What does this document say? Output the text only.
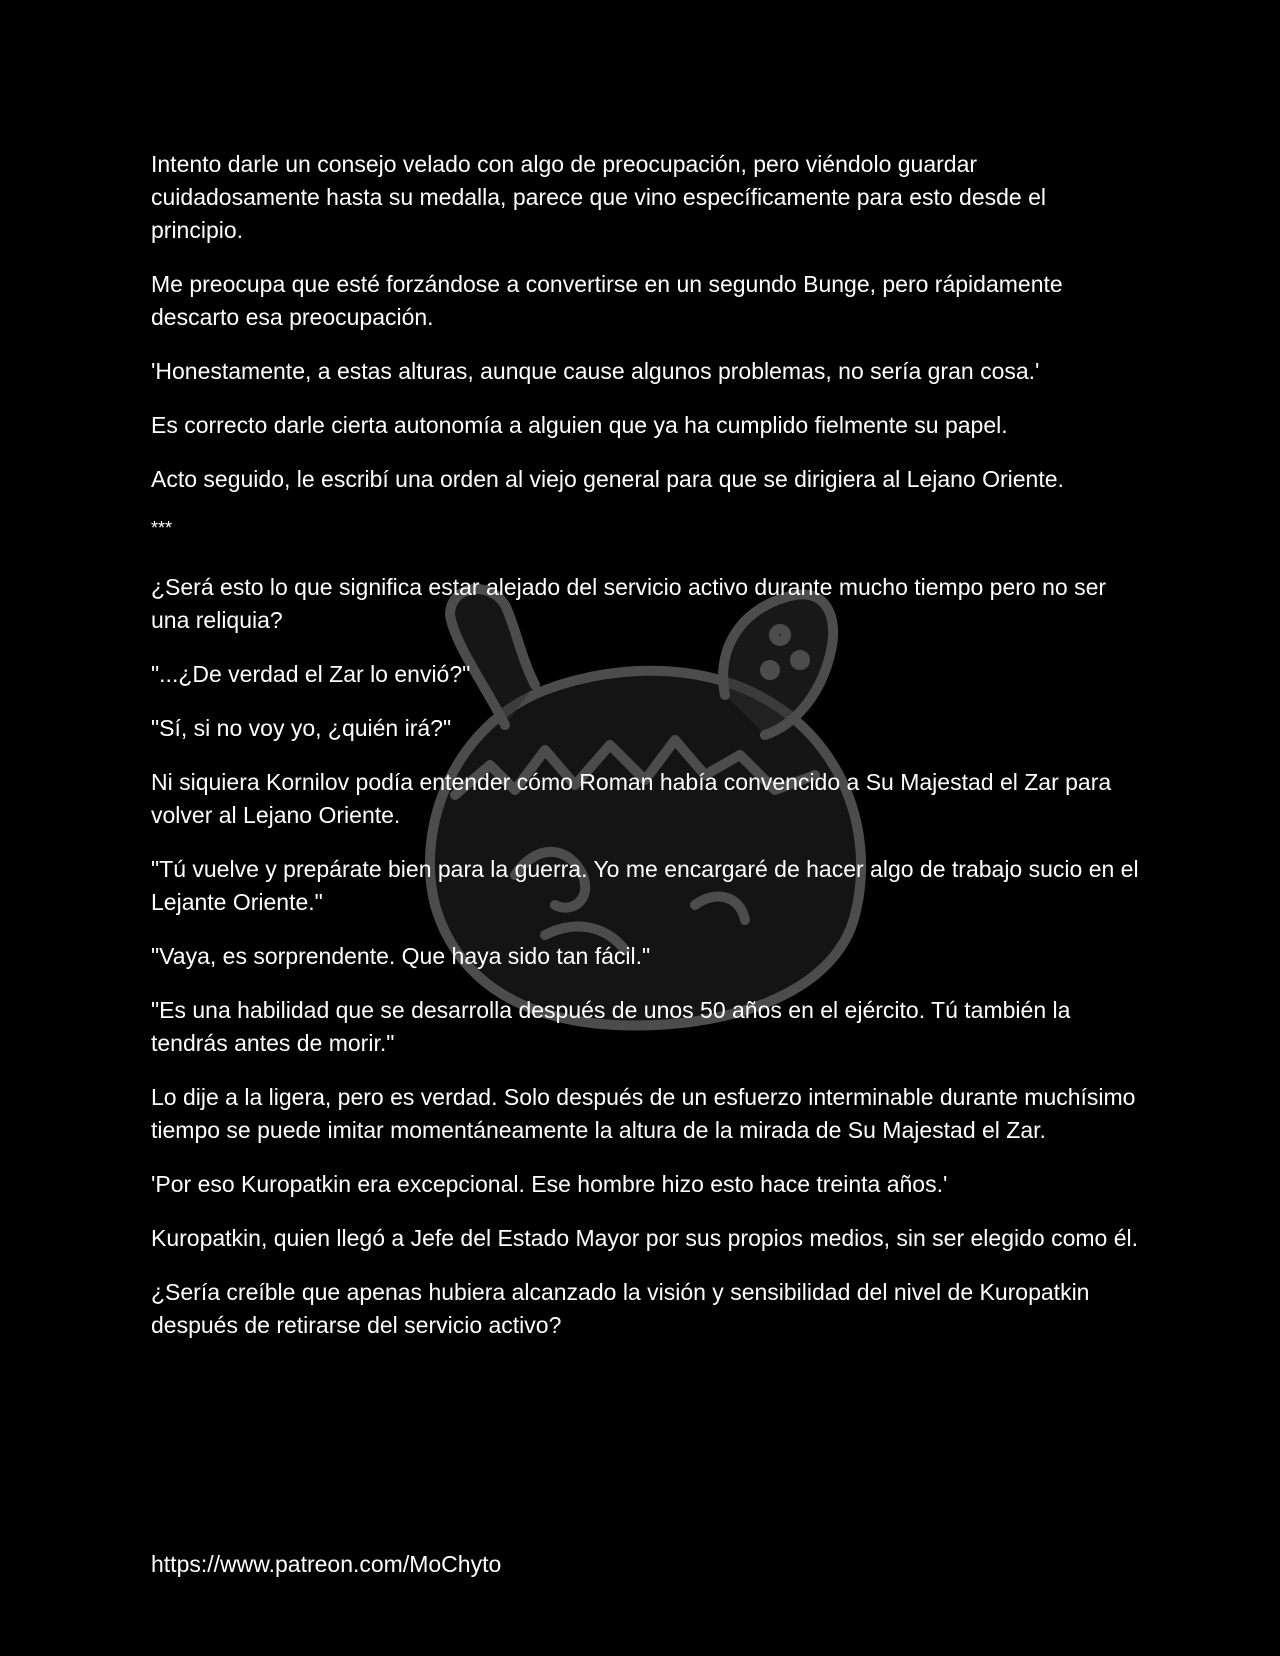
Intento darle un consejo velado con algo de preocupación, pero viéndolo guardar cuidadosamente hasta su medalla, parece que vino específicamente para esto desde el principio.

Me preocupa que esté forzándose a convertirse en un segundo Bunge, pero rápidamente descarto esa preocupación.

'Honestamente, a estas alturas, aunque cause algunos problemas, no sería gran cosa.'

Es correcto darle cierta autonomía a alguien que ya ha cumplido fielmente su papel.

Acto seguido, le escribí una orden al viejo general para que se dirigiera al Lejano Oriente.

***

¿Será esto lo que significa estar alejado del servicio activo durante mucho tiempo pero no ser una reliquia?

"...¿De verdad el Zar lo envió?"

"Sí, si no voy yo, ¿quién irá?"

Ni siquiera Kornilov podía entender cómo Roman había convencido a Su Majestad el Zar para volver al Lejano Oriente.

"Tú vuelve y prepárate bien para la guerra. Yo me encargaré de hacer algo de trabajo sucio en el Lejante Oriente."

"Vaya, es sorprendente. Que haya sido tan fácil."

"Es una habilidad que se desarrolla después de unos 50 años en el ejército. Tú también la tendrás antes de morir."

Lo dije a la ligera, pero es verdad. Solo después de un esfuerzo interminable durante muchísimo tiempo se puede imitar momentáneamente la altura de la mirada de Su Majestad el Zar.

'Por eso Kuropatkin era excepcional. Ese hombre hizo esto hace treinta años.'

Kuropatkin, quien llegó a Jefe del Estado Mayor por sus propios medios, sin ser elegido como él.

¿Sería creíble que apenas hubiera alcanzado la visión y sensibilidad del nivel de Kuropatkin después de retirarse del servicio activo?

https://www.patreon.com/MoChyto
